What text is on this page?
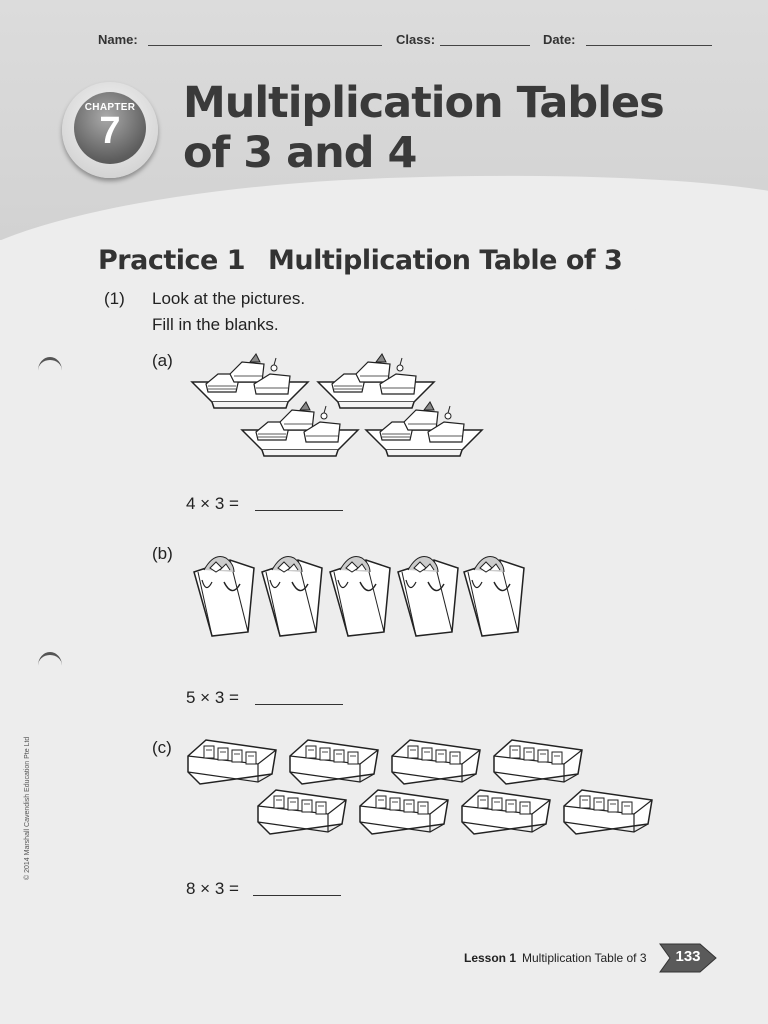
Name:	Class:	Date:
CHAPTER
7
Multiplication Tables
of 3 and 4
Practice 1 Multiplication Table of 3
(1) Look at the pictures.
Fill in the blanks.
(a)
4 × 3 =
(b)
5 × 3 =
(c)
8 × 3 =
© 2014 Marshall Cavendish Education Pte Ltd
Lesson 1 Multiplication Table of 3	133
